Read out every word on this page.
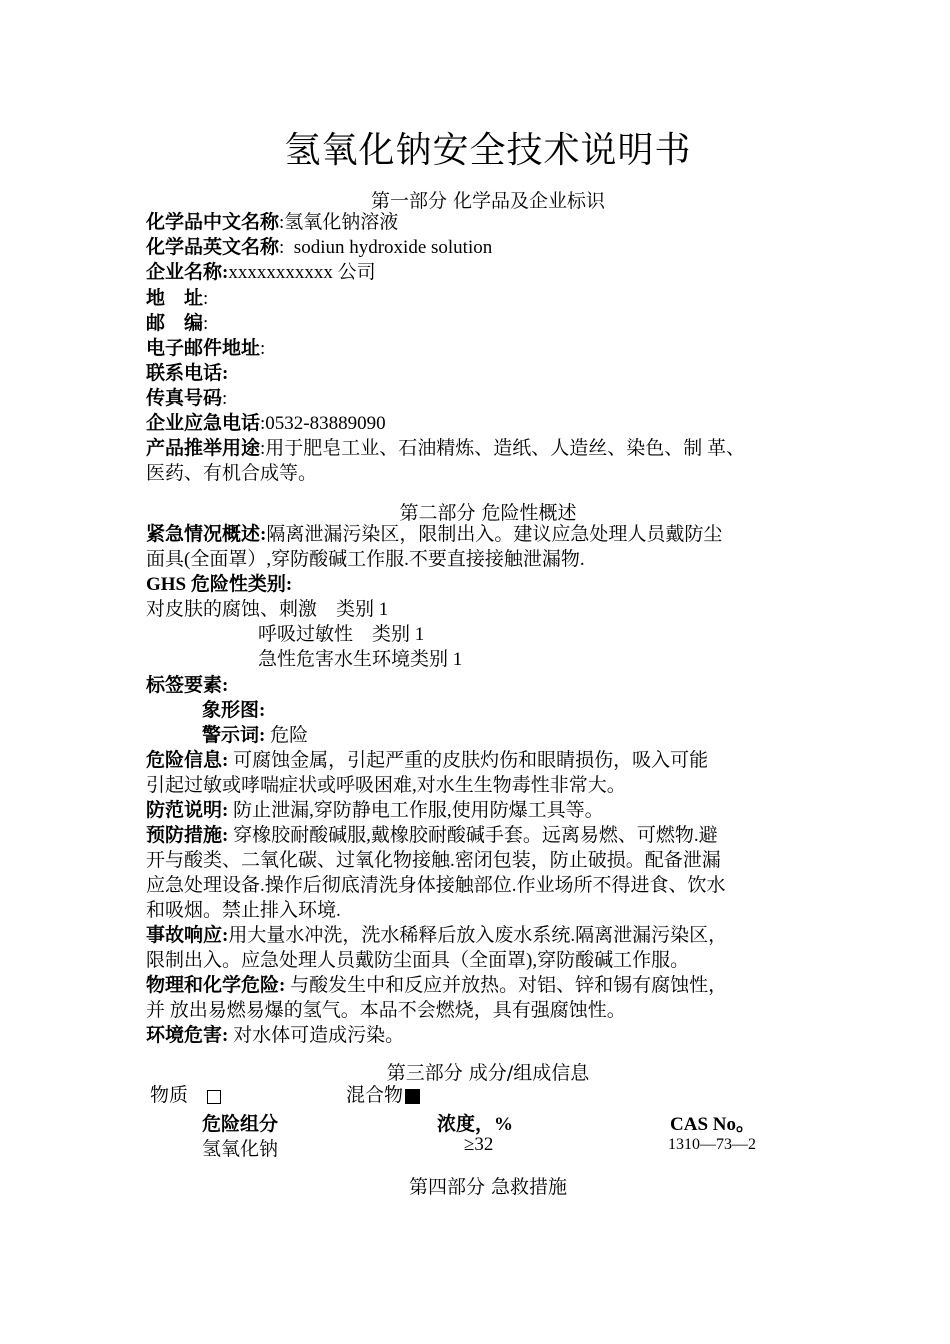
氢氧化钠安全技术说明书
第一部分 化学品及企业标识
化学品中文名称:氢氧化钠溶液
化学品英文名称:  sodiun hydroxide solution
企业名称:xxxxxxxxxxx 公司
地    址:
邮    编:
电子邮件地址:
联系电话:
传真号码:
企业应急电话:0532-83889090
产品推举用途:用于肥皂工业、石油精炼、造纸、人造丝、染色、制 革、
医药、有机合成等。
第二部分 危险性概述
紧急情况概述:隔离泄漏污染区，限制出入。建议应急处理人员戴防尘
面具(全面罩）,穿防酸碱工作服.不要直接接触泄漏物.
GHS 危险性类别:
对皮肤的腐蚀、刺激    类别 1
呼吸过敏性    类别 1
急性危害水生环境类别 1
标签要素:
象形图:
警示词: 危险
危险信息: 可腐蚀金属，引起严重的皮肤灼伤和眼睛损伤，吸入可能
引起过敏或哮喘症状或呼吸困难,对水生生物毒性非常大。
防范说明: 防止泄漏,穿防静电工作服,使用防爆工具等。
预防措施: 穿橡胶耐酸碱服,戴橡胶耐酸碱手套。远离易燃、可燃物.避
开与酸类、二氧化碳、过氧化物接触.密闭包装，防止破损。配备泄漏
应急处理设备.操作后彻底清洗身体接触部位.作业场所不得进食、饮水
和吸烟。禁止排入环境.
事故响应:用大量水冲洗，洗水稀释后放入废水系统.隔离泄漏污染区，
限制出入。应急处理人员戴防尘面具（全面罩),穿防酸碱工作服。
物理和化学危险: 与酸发生中和反应并放热。对铝、锌和锡有腐蚀性，
并 放出易燃易爆的氢气。本品不会燃烧，具有强腐蚀性。
环境危害: 对水体可造成污染。
第三部分 成分/组成信息
物质	混合物
危险组分	浓度，%	CAS No。
氢氧化钠	≥32	1310—73—2
第四部分 急救措施
